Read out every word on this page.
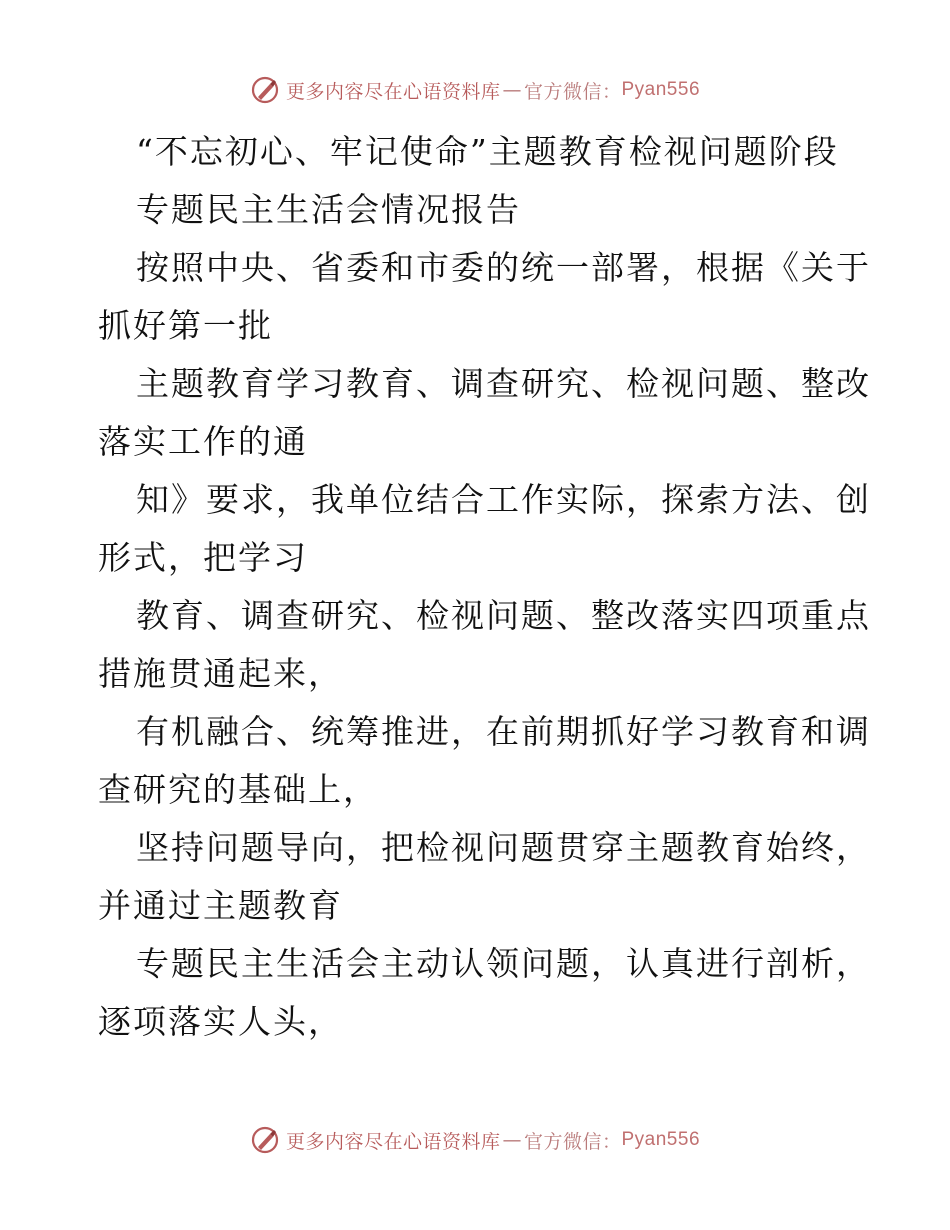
更多内容尽在心语资料库 — 官方微信： Pyan556
“不忘初心、牢记使命”主题教育检视问题阶段
专题民主生活会情况报告
按照中央、省委和市委的统一部署，根据《关于
抓好第一批
主题教育学习教育、调查研究、检视问题、整改
落实工作的通
知》要求，我单位结合工作实际，探索方法、创
形式，把学习
教育、调查研究、检视问题、整改落实四项重点
措施贯通起来，
有机融合、统筹推进，在前期抓好学习教育和调
查研究的基础上，
坚持问题导向，把检视问题贯穿主题教育始终，
并通过主题教育
专题民主生活会主动认领问题，认真进行剖析，
逐项落实人头，
更多内容尽在心语资料库 — 官方微信： Pyan556
